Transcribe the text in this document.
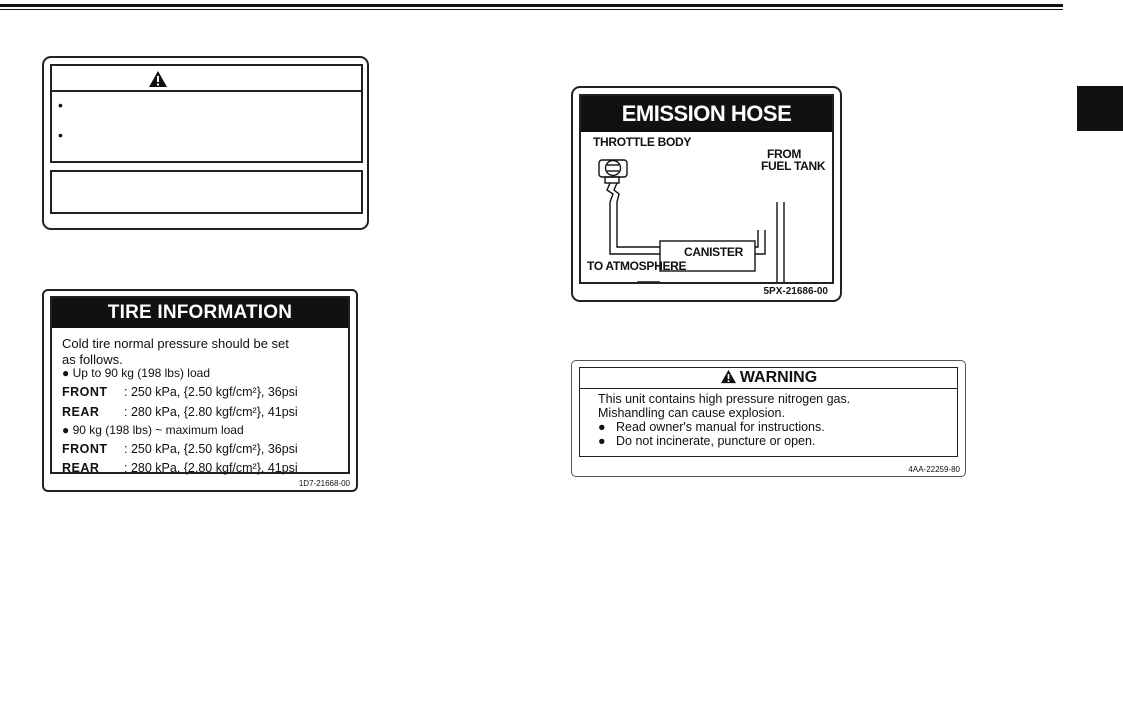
•
•
TIRE INFORMATION
Cold tire normal pressure should be set
as follows.
● Up to 90 kg (198 lbs) load
FRONT : 250 kPa, {2.50 kgf/cm²}, 36psi
REAR : 280 kPa, {2.80 kgf/cm²}, 41psi
● 90 kg (198 lbs) ~ maximum load
FRONT : 250 kPa, {2.50 kgf/cm²}, 36psi
REAR : 280 kPa, {2.80 kgf/cm²}, 41psi
1D7-21668-00
EMISSION HOSE ROUTING
THROTTLE BODY
FROM
FUEL TANK
CANISTER
TO ATMOSPHERE
5PX-21686-00
WARNING
This unit contains high pressure nitrogen gas.
Mishandling can cause explosion.
● Read owner's manual for instructions.
● Do not incinerate, puncture or open.
4AA-22259-80
